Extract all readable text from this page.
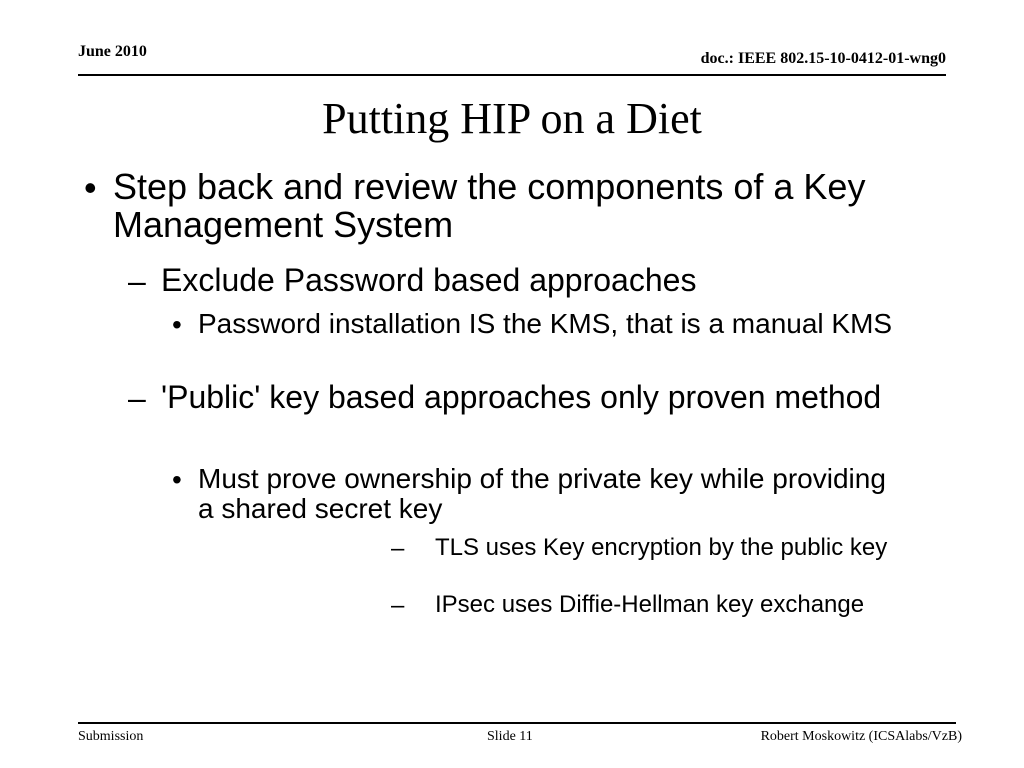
June 2010	doc.: IEEE 802.15-10-0412-01-wng0
Putting HIP on a Diet
• Step back and review the components of a Key Management System
– Exclude Password based approaches
• Password installation IS the KMS, that is a manual KMS
– 'Public' key based approaches only proven method
• Must prove ownership of the private key while providing a shared secret key
– TLS uses Key encryption by the public key
– IPsec uses Diffie-Hellman key exchange
Submission	Slide 11	Robert Moskowitz (ICSAlabs/VzB)
